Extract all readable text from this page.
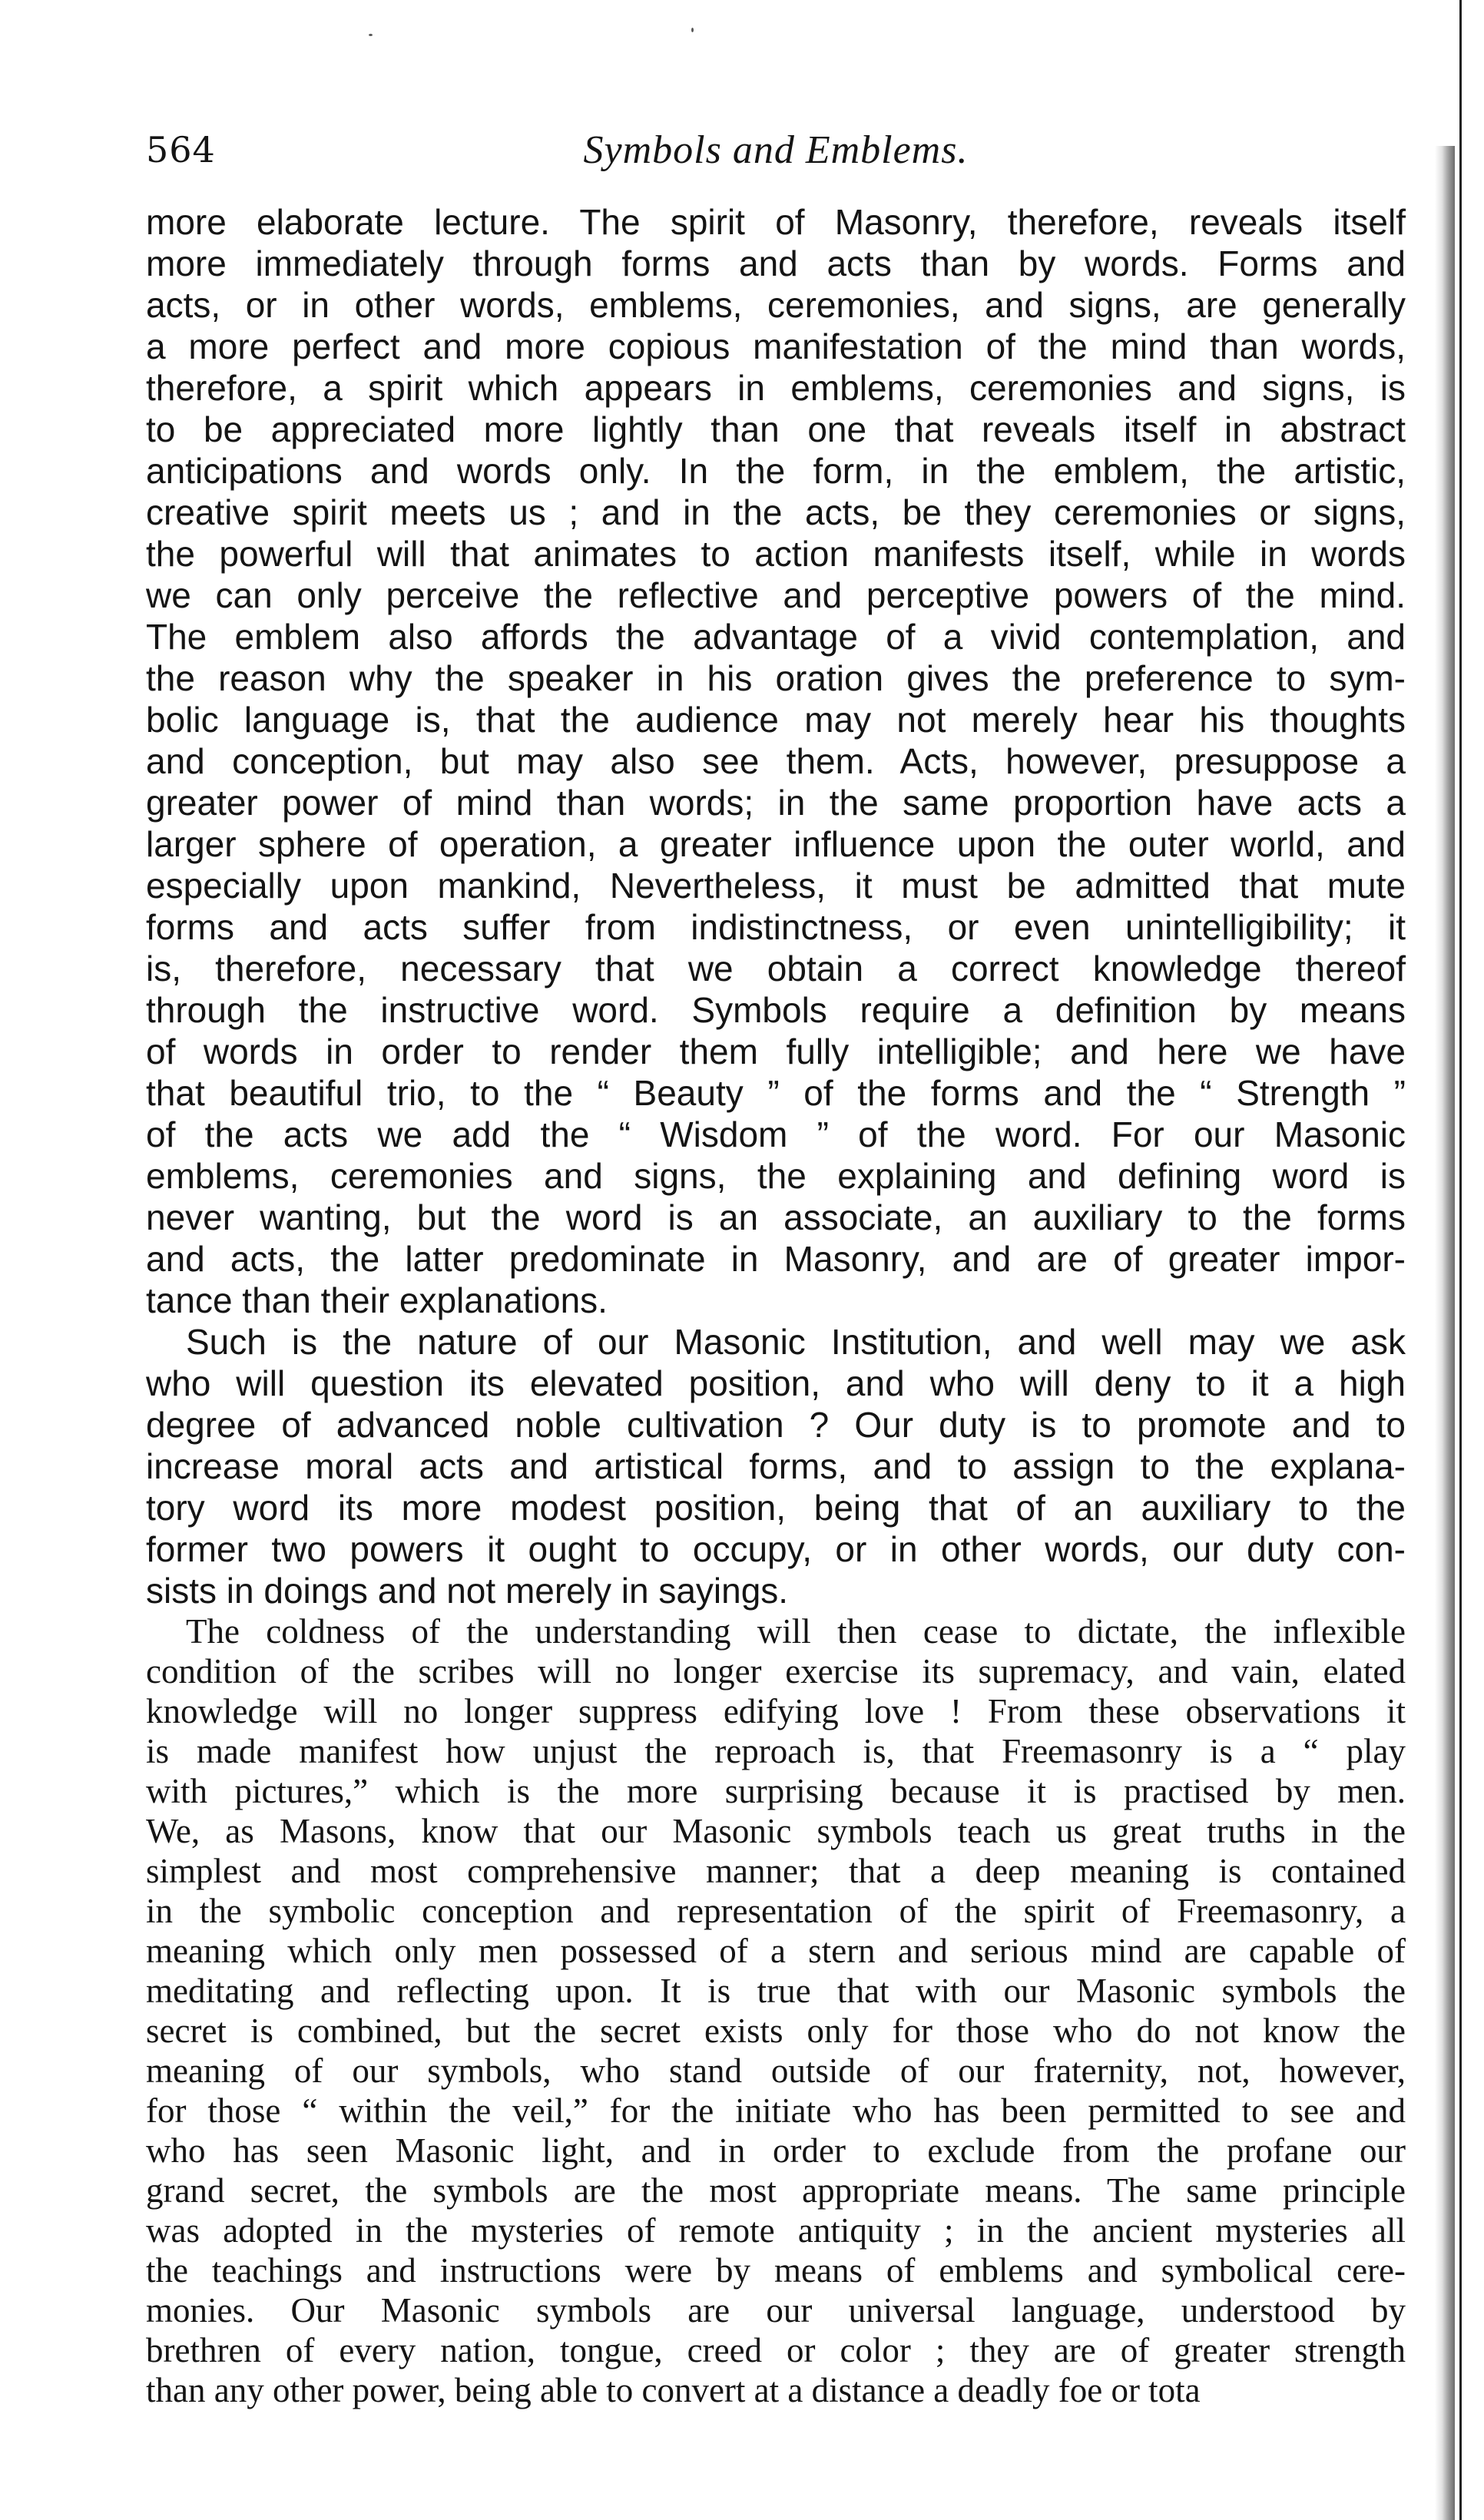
564	Symbols and Emblems.
more elaborate lecture. The spirit of Masonry, therefore, reveals itself
more immediately through forms and acts than by words. Forms and
acts, or in other words, emblems, ceremonies, and signs, are generally
a more perfect and more copious manifestation of the mind than words,
therefore, a spirit which appears in emblems, ceremonies and signs, is
to be appreciated more lightly than one that reveals itself in abstract
anticipations and words only. In the form, in the emblem, the artistic,
creative spirit meets us ; and in the acts, be they ceremonies or signs,
the powerful will that animates to action manifests itself, while in words
we can only perceive the reflective and perceptive powers of the mind.
The emblem also affords the advantage of a vivid contemplation, and
the reason why the speaker in his oration gives the preference to sym-
bolic language is, that the audience may not merely hear his thoughts
and conception, but may also see them. Acts, however, presuppose a
greater power of mind than words; in the same proportion have acts a
larger sphere of operation, a greater influence upon the outer world, and
especially upon mankind, Nevertheless, it must be admitted that mute
forms and acts suffer from indistinctness, or even unintelligibility; it
is, therefore, necessary that we obtain a correct knowledge thereof
through the instructive word. Symbols require a definition by means
of words in order to render them fully intelligible; and here we have
that beautiful trio, to the “ Beauty ” of the forms and the “ Strength ”
of the acts we add the “ Wisdom ” of the word. For our Masonic
emblems, ceremonies and signs, the explaining and defining word is
never wanting, but the word is an associate, an auxiliary to the forms
and acts, the latter predominate in Masonry, and are of greater impor-
tance than their explanations.
Such is the nature of our Masonic Institution, and well may we ask
who will question its elevated position, and who will deny to it a high
degree of advanced noble cultivation ? Our duty is to promote and to
increase moral acts and artistical forms, and to assign to the explana-
tory word its more modest position, being that of an auxiliary to the
former two powers it ought to occupy, or in other words, our duty con-
sists in doings and not merely in sayings.
The coldness of the understanding will then cease to dictate, the inflexible
condition of the scribes will no longer exercise its supremacy, and vain, elated
knowledge will no longer suppress edifying love ! From these observations it
is made manifest how unjust the reproach is, that Freemasonry is a “ play
with pictures,” which is the more surprising because it is practised by men.
We, as Masons, know that our Masonic symbols teach us great truths in the
simplest and most comprehensive manner; that a deep meaning is contained
in the symbolic conception and representation of the spirit of Freemasonry, a
meaning which only men possessed of a stern and serious mind are capable of
meditating and reflecting upon. It is true that with our Masonic symbols the
secret is combined, but the secret exists only for those who do not know the
meaning of our symbols, who stand outside of our fraternity, not, however,
for those “ within the veil,” for the initiate who has been permitted to see and
who has seen Masonic light, and in order to exclude from the profane our
grand secret, the symbols are the most appropriate means. The same principle
was adopted in the mysteries of remote antiquity ; in the ancient mysteries all
the teachings and instructions were by means of emblems and symbolical cere-
monies. Our Masonic symbols are our universal language, understood by
brethren of every nation, tongue, creed or color ; they are of greater strength
than any other power, being able to convert at a distance a deadly foe or tota
